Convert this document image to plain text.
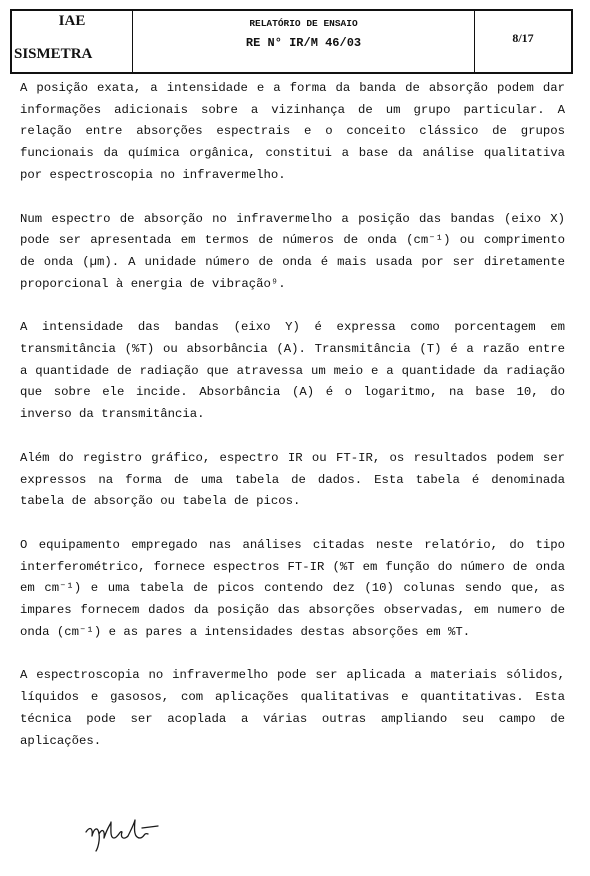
IAE
SISMETRA
RELATÓRIO DE ENSAIO
RE N° IR/M 46/03	8/17

A posição exata, a intensidade e a forma da banda de absorção podem dar informações adicionais sobre a vizinhança de um grupo particular. A relação entre absorções espectrais e o conceito clássico de grupos funcionais da química orgânica, constitui a base da análise qualitativa por espectroscopia no infravermelho.

Num espectro de absorção no infravermelho a posição das bandas (eixo X) pode ser apresentada em termos de números de onda (cm⁻¹) ou comprimento de onda (µm). A unidade número de onda é mais usada por ser diretamente proporcional à energia de vibração⁹.

A intensidade das bandas (eixo Y) é expressa como porcentagem em transmitância (%T) ou absorbância (A). Transmitância (T) é a razão entre a quantidade de radiação que atravessa um meio e a quantidade da radiação que sobre ele incide. Absorbância (A) é o logaritmo, na base 10, do inverso da transmitância.

Além do registro gráfico, espectro IR ou FT-IR, os resultados podem ser expressos na forma de uma tabela de dados. Esta tabela é denominada tabela de absorção ou tabela de picos.

O equipamento empregado nas análises citadas neste relatório, do tipo interferométrico, fornece espectros FT-IR (%T em função do número de onda em cm⁻¹) e uma tabela de picos contendo dez (10) colunas sendo que, as impares fornecem dados da posição das absorções observadas, em numero de onda (cm⁻¹) e as pares a intensidades destas absorções em %T.

A espectroscopia no infravermelho pode ser aplicada a materiais sólidos, líquidos e gasosos, com aplicações qualitativas e quantitativas. Esta técnica pode ser acoplada a várias outras ampliando seu campo de aplicações.
